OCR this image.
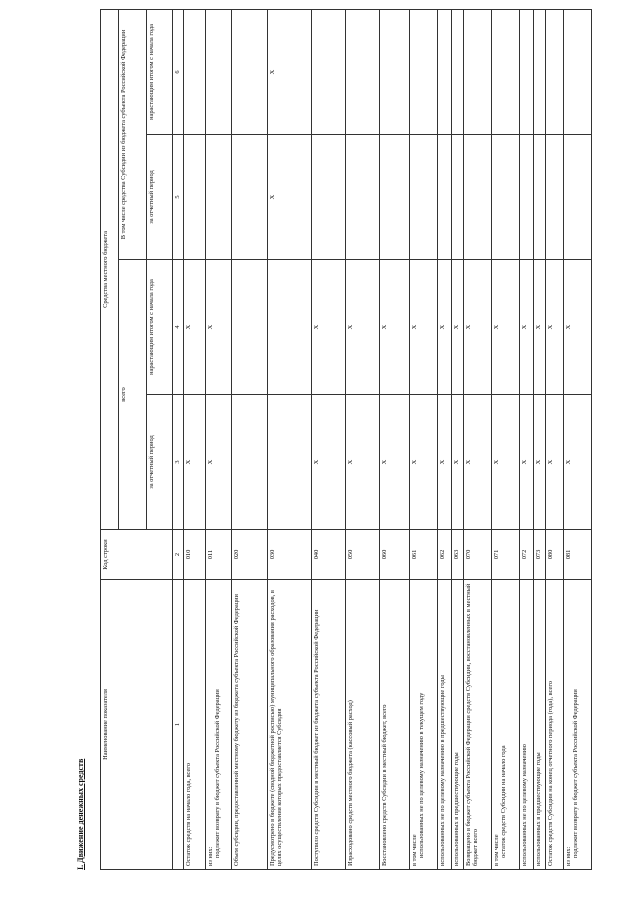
I. Движение денежных средств
Наименование показателя	Код строки	Средства местного бюджета			
		всего		В том числе средства Субсидии из бюджета субъекта Российской Федерации	
		за отчетный период	нарастающим итогом с начала года	за отчетный период	нарастающим итогом с начала года
1	2	3	4	5	6

Остаток средств на начало года, всего	010	Х	Х		

из них: подлежит возврату в бюджет субъекта Российской Федерации	011	Х	Х		

Объем субсидии, предоставленной местному бюджету из бюджета субъекта Российской Федерации	020				

Предусмотрено в бюджете (сводной бюджетной росписью) муниципального образования расходов, в целях осуществления которых предоставляется Субсидия	030			Х	Х

Поступило средств Субсидии в местный бюджет из бюджета субъекта Российской Федерации	040	Х	Х		

Израсходовано средств местного бюджета (кассовый расход)	050	Х	Х		

Восстановлено средств Субсидии в местный бюджет, всего	060	Х	Х		

в том числе использованных не по целевому назначению в текущем году	061	Х	Х		

использованных не по целевому назначению в предшествующие годы	062	Х	Х		

использованных в предшествующие годы	063	Х	Х		

Возвращено в бюджет субъекта Российской Федерации средств Субсидии, восстановленных в местный бюджет всего	070	Х	Х		

в том числе остаток средств Субсидии на начало года	071	Х	Х		

использованных не по целевому назначению	072	Х	Х		

использованных в предшествующие годы	073	Х	Х		

Остаток средств Субсидии на конец отчетного периода (года), всего	080	Х	Х		

из них: подлежит возврату в бюджет субъекта Российской Федерации	081	Х	Х		
